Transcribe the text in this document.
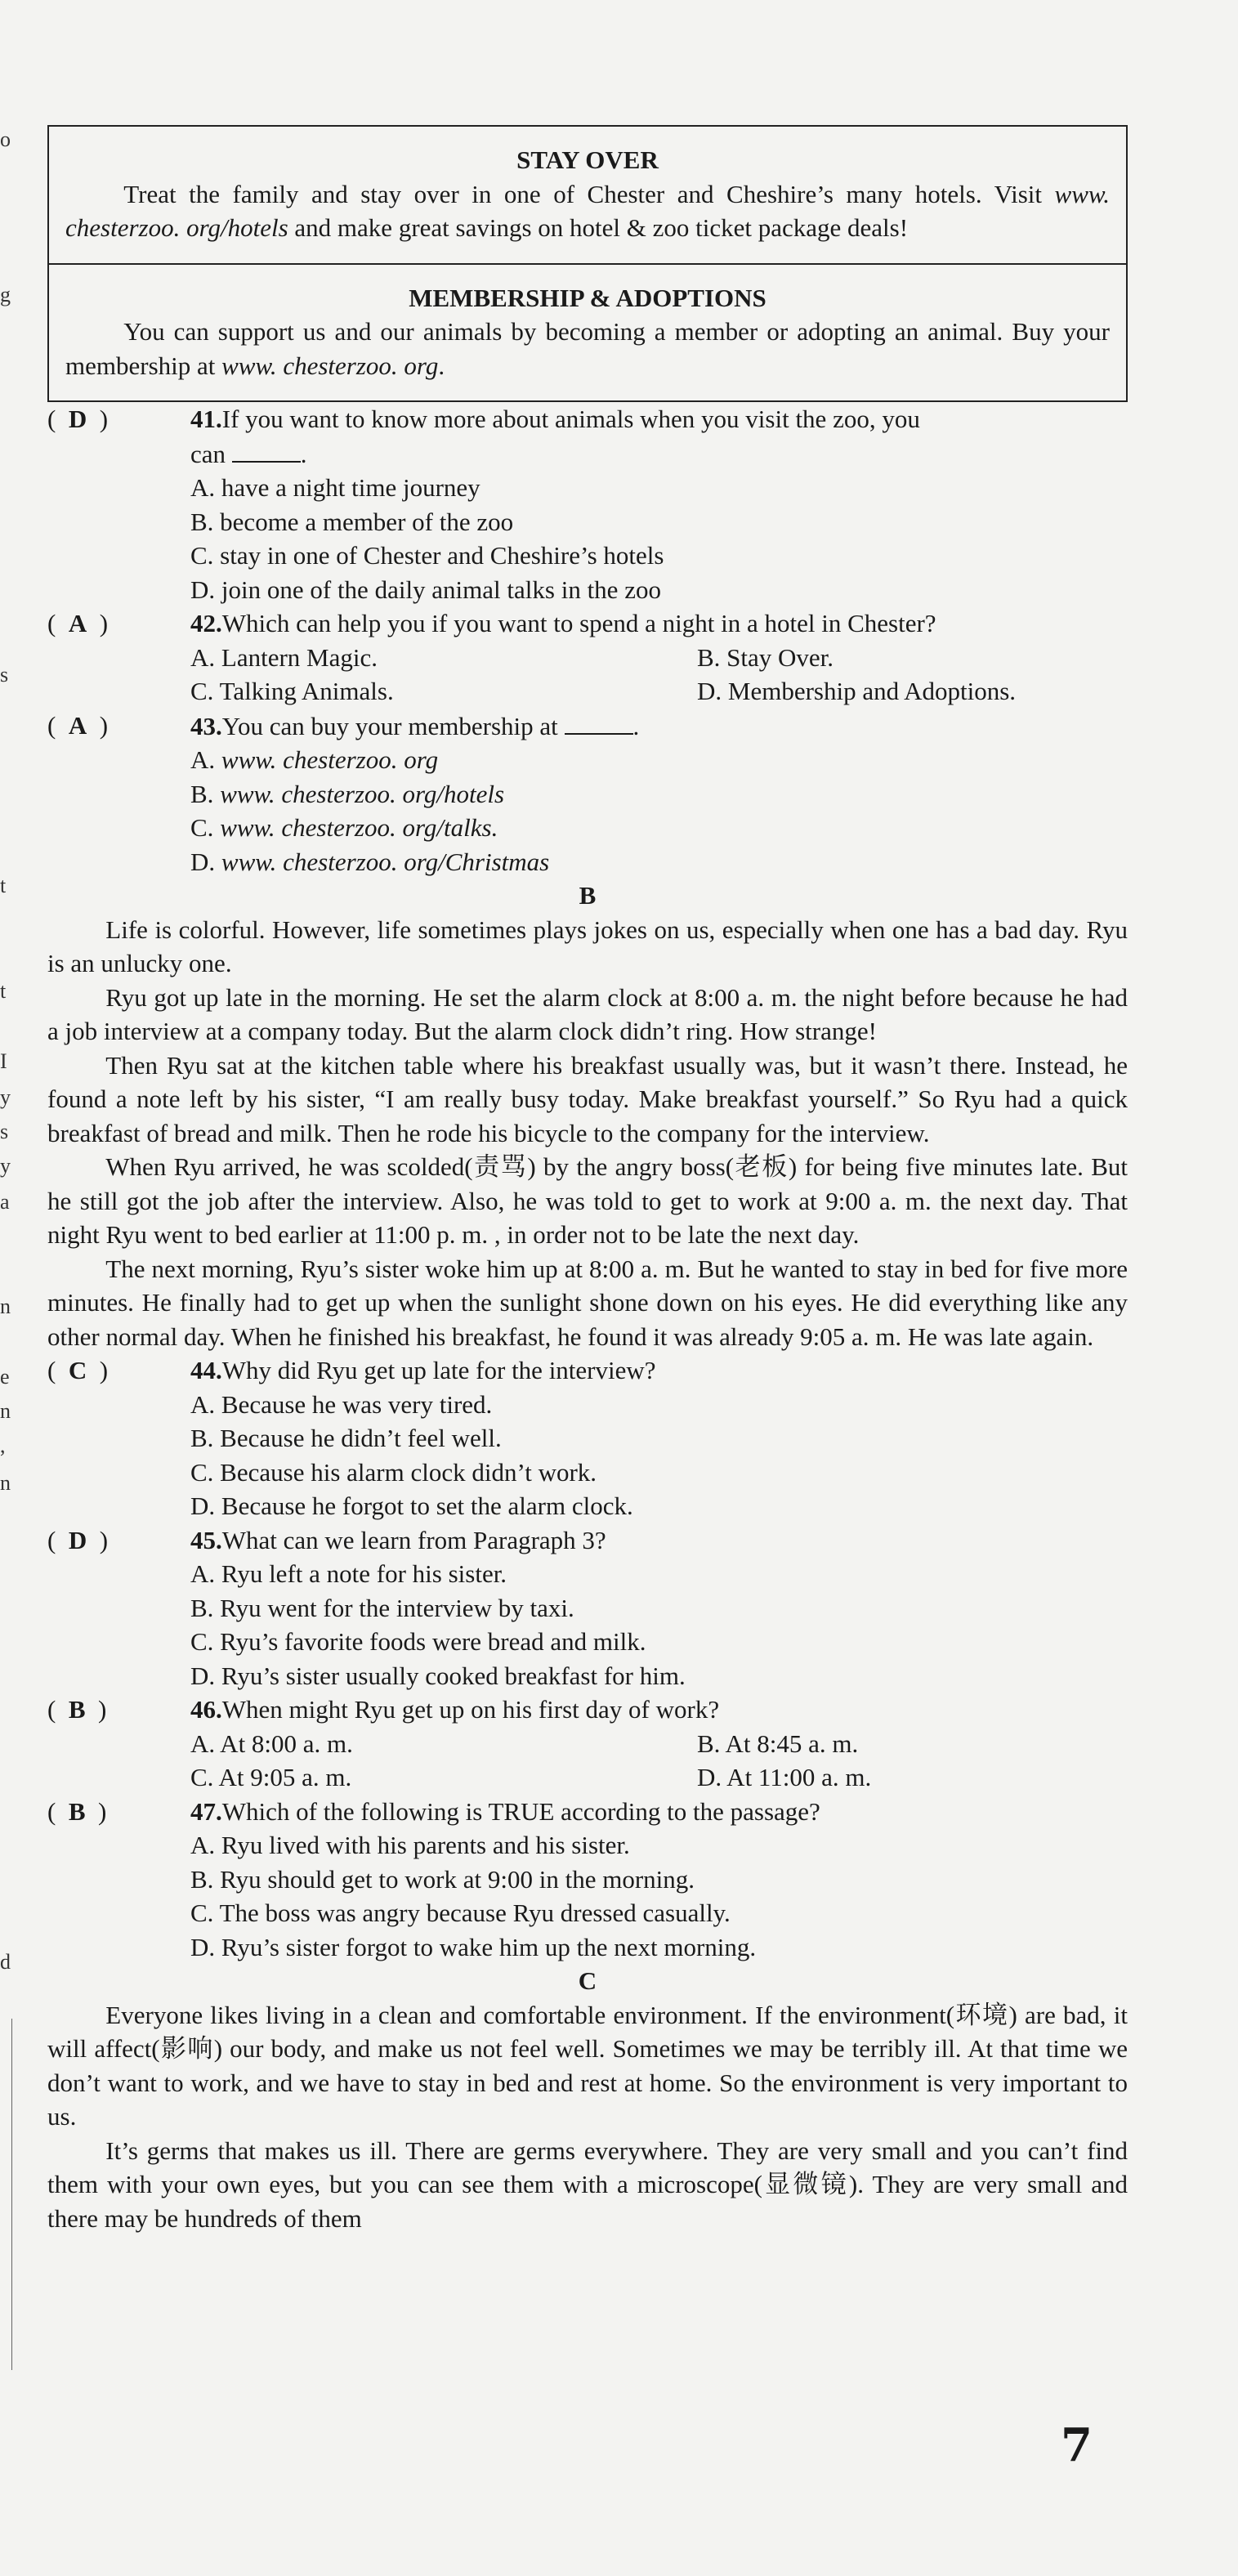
o
g
s
t
t
I
y
s
y
a
n
e
n
,
n
d

STAY OVER

Treat the family and stay over in one of Chester and Cheshire’s many hotels. Visit www. chesterzoo. org/hotels and make great savings on hotel & zoo ticket package deals!

MEMBERSHIP & ADOPTIONS

You can support us and our animals by becoming a member or adopting an animal. Buy your membership at www. chesterzoo. org.

(  D  )	41.If you want to know more about animals when you visit the zoo, you
can	.
A. have a night time journey
B. become a member of the zoo
C. stay in one of Chester and Cheshire’s hotels
D. join one of the daily animal talks in the zoo
(  A  )	42.Which can help you if you want to spend a night in a hotel in Chester?
A. Lantern Magic.	B. Stay Over.
C. Talking Animals.	D. Membership and Adoptions.
(  A  )	43.You can buy your membership at	.
A. www. chesterzoo. org
B. www. chesterzoo. org/hotels
C. www. chesterzoo. org/talks.
D. www. chesterzoo. org/Christmas
B

Life is colorful. However, life sometimes plays jokes on us, especially when one has a bad day. Ryu is an unlucky one.

Ryu got up late in the morning. He set the alarm clock at 8:00 a. m. the night before because he had a job interview at a company today. But the alarm clock didn’t ring. How strange!

Then Ryu sat at the kitchen table where his breakfast usually was, but it wasn’t there. Instead, he found a note left by his sister, “I am really busy today. Make breakfast yourself.” So Ryu had a quick breakfast of bread and milk. Then he rode his bicycle to the company for the interview.

When Ryu arrived, he was scolded(责骂) by the angry boss(老板) for being five minutes late. But he still got the job after the interview. Also, he was told to get to work at 9:00 a. m. the next day. That night Ryu went to bed earlier at 11:00 p. m. , in order not to be late the next day.

The next morning, Ryu’s sister woke him up at 8:00 a. m. But he wanted to stay in bed for five more minutes. He finally had to get up when the sunlight shone down on his eyes. He did everything like any other normal day. When he finished his breakfast, he found it was already 9:05 a. m. He was late again.

(  C  )	44.Why did Ryu get up late for the interview?
A. Because he was very tired.
B. Because he didn’t feel well.
C. Because his alarm clock didn’t work.
D. Because he forgot to set the alarm clock.
(  D  )	45.What can we learn from Paragraph 3?
A. Ryu left a note for his sister.
B. Ryu went for the interview by taxi.
C. Ryu’s favorite foods were bread and milk.
D. Ryu’s sister usually cooked breakfast for him.
(  B  )	46.When might Ryu get up on his first day of work?
A. At 8:00 a. m.	B. At 8:45 a. m.
C. At 9:05 a. m.	D. At 11:00 a. m.
(  B  )	47.Which of the following is TRUE according to the passage?
A. Ryu lived with his parents and his sister.
B. Ryu should get to work at 9:00 in the morning.
C. The boss was angry because Ryu dressed casually.
D. Ryu’s sister forgot to wake him up the next morning.
C

Everyone likes living in a clean and comfortable environment. If the environment(环境) are bad, it will affect(影响) our body, and make us not feel well. Sometimes we may be terribly ill. At that time we don’t want to work, and we have to stay in bed and rest at home. So the environment is very important to us.

It’s germs that makes us ill. There are germs everywhere. They are very small and you can’t find them with your own eyes, but you can see them with a microscope(显微镜). They are very small and there may be hundreds of them

7
